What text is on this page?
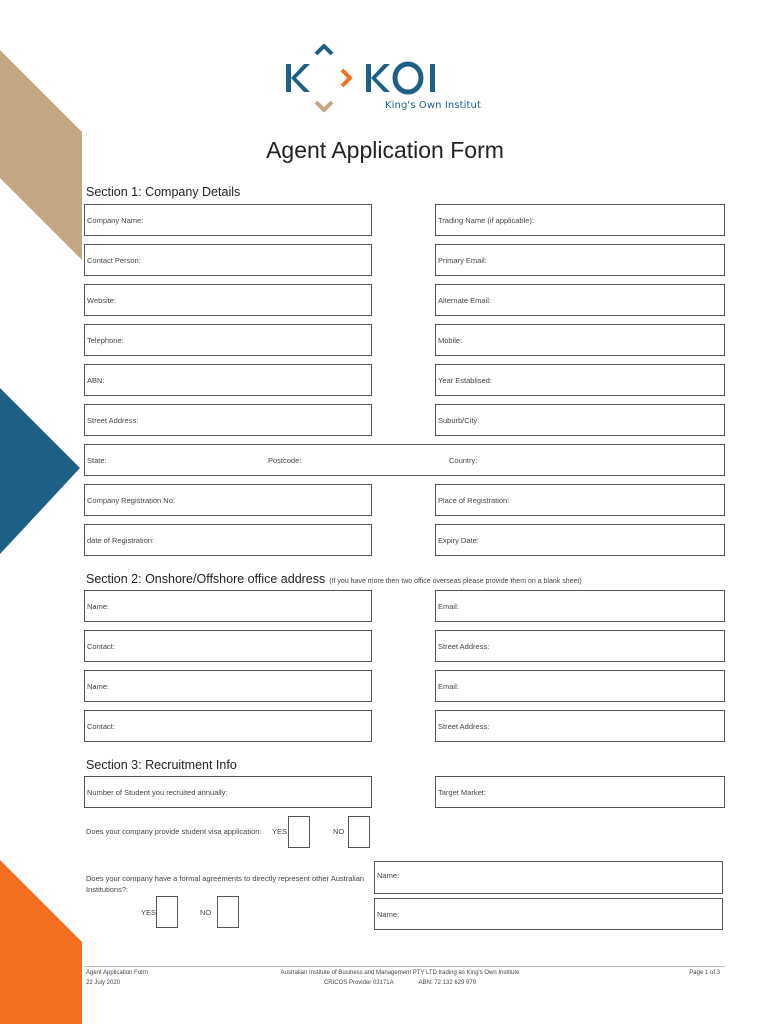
King's Own Institut
Agent Application Form
Section 1: Company Details
Company Name:	Trading Name (if applicable):
Contact Person:	Primary Email:
Website:	Alternate Email:
Telephone:	Mobile:
ABN:	Year Establised:
Street Address:	Suburb/City:
State:	Postcode:	Country:
Company Registration No:	Place of Registration:
date of Registration:	Expiry Date:
Section 2: Onshore/Offshore office address (If you have more then two office overseas please provide them on a blank sheet)
Name:	Email:
Contact:	Street Address:
Name:	Email:
Contact:	Street Address:
Section 3: Recruitment Info
Number of Student you recruited annually:	Target Market:
Does your company provide student visa application: YES	NO
Does your company have a formal agreements to directly represent other Australian Institutions?:
YES	NO
Name:
Name:
Agent Application Form
22 July 2020
Australian Institute of Business and Management PTY LTD trading as King's Own Institute
CRICOS Provider 03171A	ABN: 72 132 629 979
Page 1 of 3
